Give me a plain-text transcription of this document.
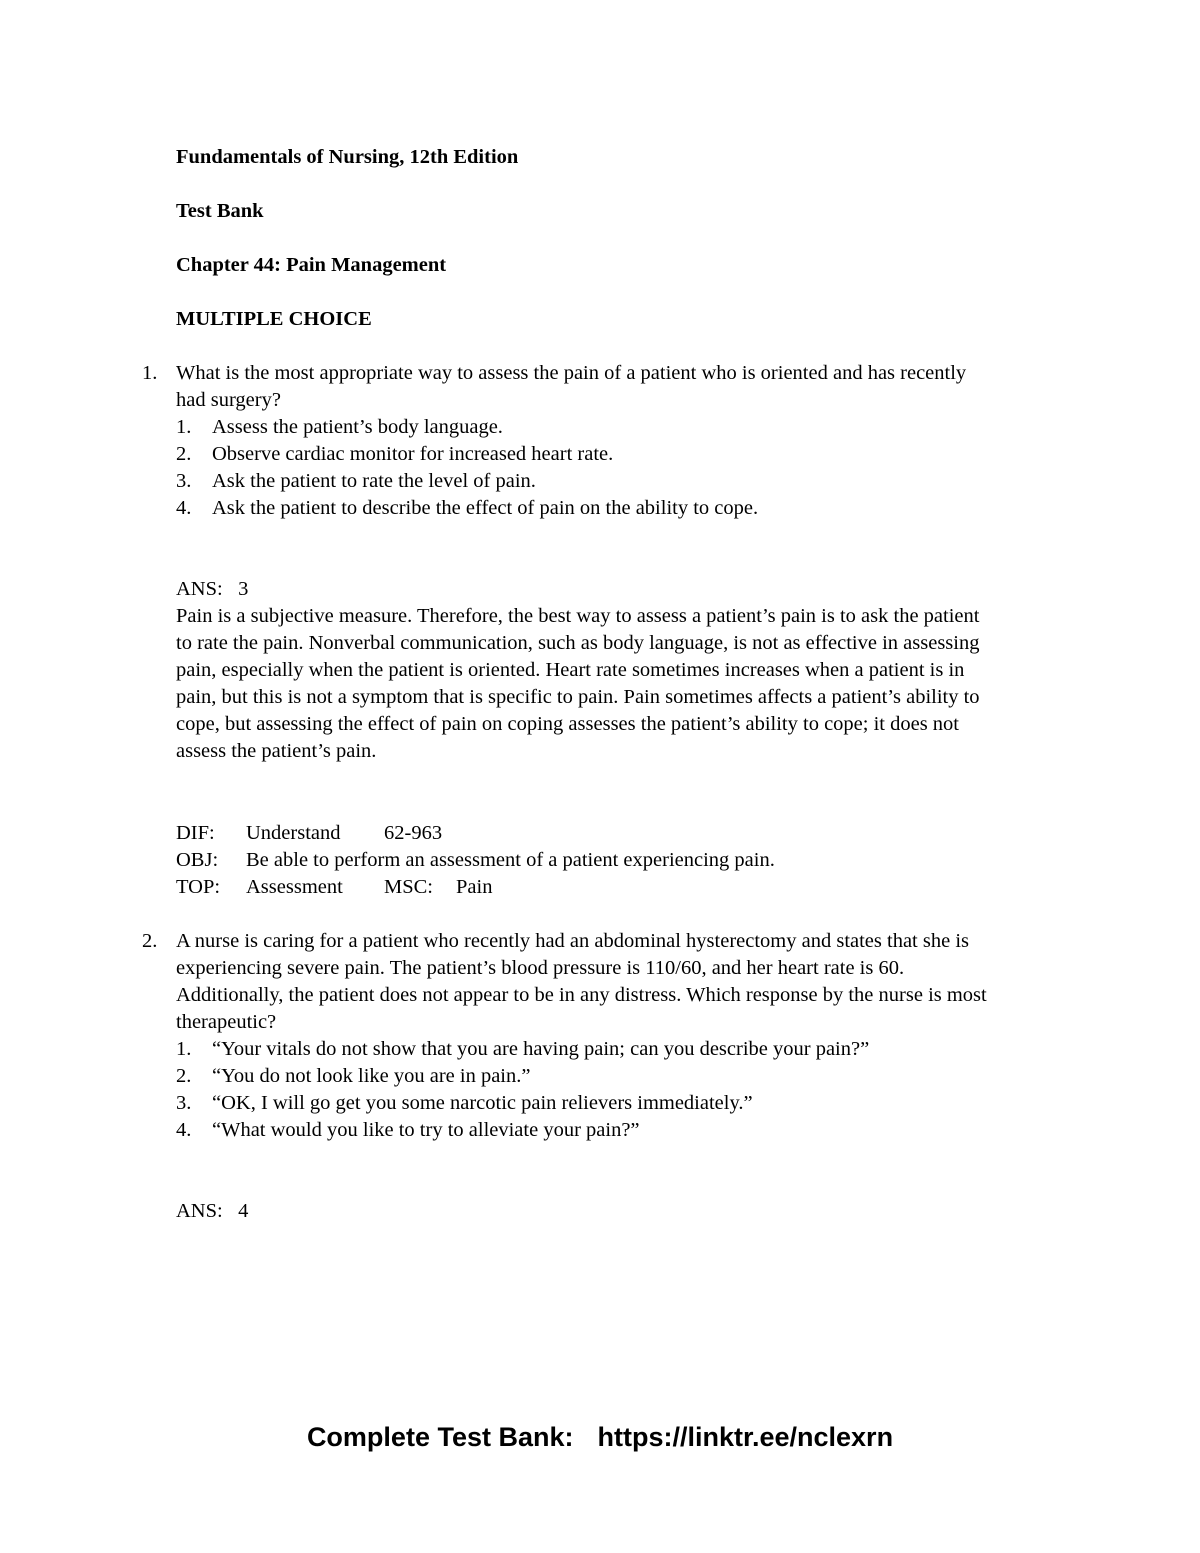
Fundamentals of Nursing, 12th Edition
Test Bank
Chapter 44: Pain Management
MULTIPLE CHOICE
1. What is the most appropriate way to assess the pain of a patient who is oriented and has recently had surgery?
1. Assess the patient’s body language.
2. Observe cardiac monitor for increased heart rate.
3. Ask the patient to rate the level of pain.
4. Ask the patient to describe the effect of pain on the ability to cope.
ANS: 3
Pain is a subjective measure. Therefore, the best way to assess a patient’s pain is to ask the patient to rate the pain. Nonverbal communication, such as body language, is not as effective in assessing pain, especially when the patient is oriented. Heart rate sometimes increases when a patient is in pain, but this is not a symptom that is specific to pain. Pain sometimes affects a patient’s ability to cope, but assessing the effect of pain on coping assesses the patient’s ability to cope; it does not assess the patient’s pain.
DIF: Understand 62-963
OBJ: Be able to perform an assessment of a patient experiencing pain.
TOP: Assessment MSC: Pain
2. A nurse is caring for a patient who recently had an abdominal hysterectomy and states that she is experiencing severe pain. The patient’s blood pressure is 110/60, and her heart rate is 60. Additionally, the patient does not appear to be in any distress. Which response by the nurse is most therapeutic?
1. “Your vitals do not show that you are having pain; can you describe your pain?”
2. “You do not look like you are in pain.”
3. “OK, I will go get you some narcotic pain relievers immediately.”
4. “What would you like to try to alleviate your pain?”
ANS: 4
Complete Test Bank: https://linktr.ee/nclexrn
